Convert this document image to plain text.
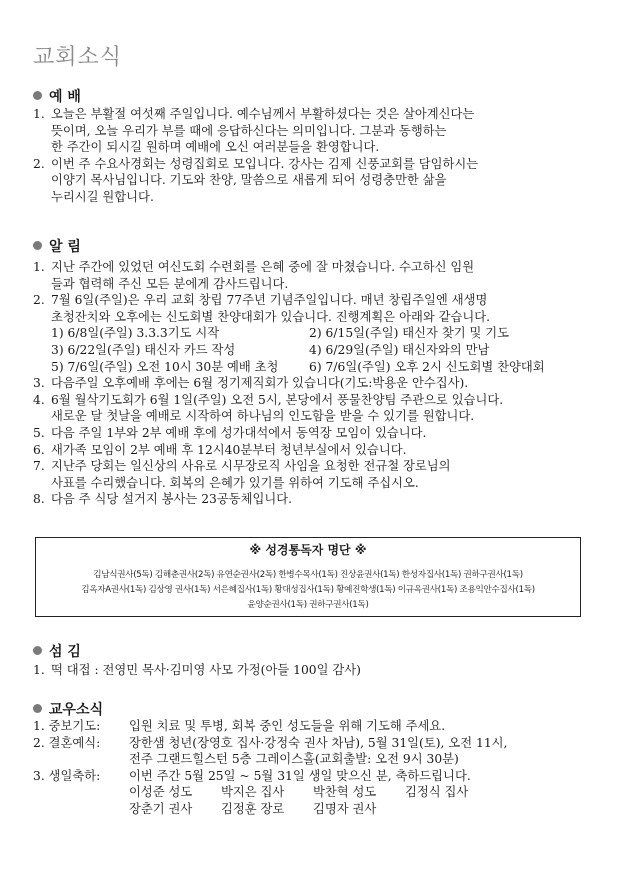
교회소식
예 배
1. 오늘은 부활절 여섯째 주일입니다. 예수님께서 부활하셨다는 것은 살아계신다는
뜻이며, 오늘 우리가 부를 때에 응답하신다는 의미입니다. 그분과 동행하는
한 주간이 되시길 원하며 예배에 오신 여러분들을 환영합니다.
2. 이번 주 수요사경회는 성령집회로 모입니다. 강사는 김제 신풍교회를 담임하시는
이양기 목사님입니다. 기도와 찬양, 말씀으로 새롭게 되어 성령충만한 삶을
누리시길 원합니다.
알 림
1. 지난 주간에 있었던 여신도회 수련회를 은혜 중에 잘 마쳤습니다. 수고하신 임원
들과 협력해 주신 모든 분에게 감사드립니다.
2. 7월 6일(주일)은 우리 교회 창립 77주년 기념주일입니다. 매년 창립주일엔 새생명
초청잔치와 오후에는 신도회별 찬양대회가 있습니다. 진행계획은 아래와 같습니다.
1) 6/8일(주일) 3.3.3기도 시작	2) 6/15일(주일) 태신자 찾기 및 기도
3) 6/22일(주일) 태신자 카드 작성	4) 6/29일(주일) 태신자와의 만남
5) 7/6일(주일) 오전 10시 30분 예배 초청	6) 7/6일(주일) 오후 2시 신도회별 찬양대회
3. 다음주일 오후예배 후에는 6월 정기제직회가 있습니다(기도:박용운 안수집사).
4. 6월 월삭기도회가 6월 1일(주일) 오전 5시, 본당에서 풍물찬양팀 주관으로 있습니다.
새로운 달 첫날을 예배로 시작하여 하나님의 인도함을 받을 수 있기를 원합니다.
5. 다음 주일 1부와 2부 예배 후에 성가대석에서 동역장 모임이 있습니다.
6. 새가족 모임이 2부 예배 후 12시40분부터 청년부실에서 있습니다.
7. 지난주 당회는 일신상의 사유로 시무장로직 사임을 요청한 전규철 장로님의
사표를 수리했습니다. 회복의 은혜가 있기를 위하여 기도해 주십시오.
8. 다음 주 식당 설거지 봉사는 23공동체입니다.
※ 성경통독자 명단 ※
김남식권사(5독) 김해춘권사(2독) 유연순권사(2독) 한병수목사(1독) 진상윤권사(1독) 한성자집사(1독) 권하구권사(1독)
김옥자A권사(1독) 김상영 권사(1독) 서은혜집사(1독) 황대성집사(1독) 황예진학생(1독) 이규옥권사(1독) 조용익안수집사(1독)
윤양순권사(1독) 권하구권사(1독)
섬 김
1. 떡 대접 : 전영민 목사·김미영 사모 가정(아들 100일 감사)
교우소식
1. 중보기도:	입원 치료 및 투병, 회복 중인 성도들을 위해 기도해 주세요.
2. 결혼예식:	장한샘 청년(장영호 집사·강정숙 권사 차남), 5월 31일(토), 오전 11시,
전주 그랜드힐스턴 5층 그레이스홀(교회출발: 오전 9시 30분)
3. 생일축하:	이번 주간 5월 25일 ~ 5월 31일 생일 맞으신 분, 축하드립니다.
이성준 성도	박지은 집사	박찬혁 성도	김정식 집사
장춘기 권사	김정훈 장로	김명자 권사
